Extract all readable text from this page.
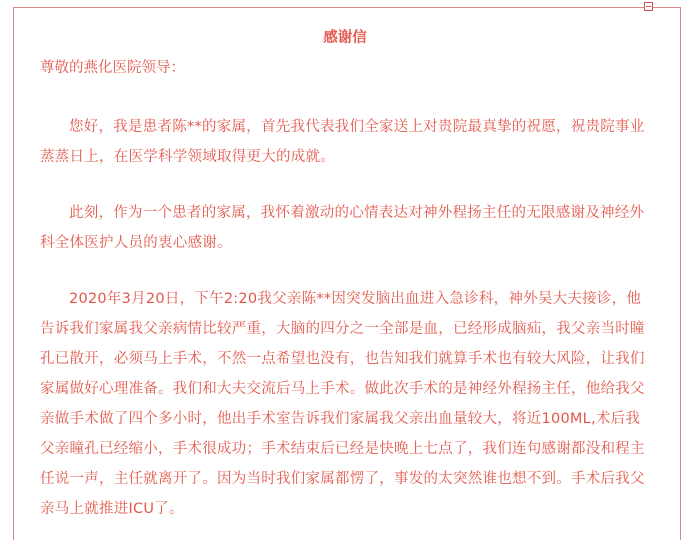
感谢信

尊敬的燕化医院领导：

您好，我是患者陈**的家属，首先我代表我们全家送上对贵院最真挚的祝愿，祝贵院事业蒸蒸日上，在医学科学领域取得更大的成就。

此刻，作为一个患者的家属，我怀着激动的心情表达对神外程扬主任的无限感谢及神经外科全体医护人员的衷心感谢。

2020年3月20日，下午2:20我父亲陈**因突发脑出血进入急诊科，神外吴大夫接诊，他告诉我们家属我父亲病情比较严重，大脑的四分之一全部是血，已经形成脑疝，我父亲当时瞳孔已散开，必须马上手术，不然一点希望也没有，也告知我们就算手术也有较大风险，让我们家属做好心理准备。我们和大夫交流后马上手术。做此次手术的是神经外程扬主任，他给我父亲做手术做了四个多小时，他出手术室告诉我们家属我父亲出血量较大，将近100ML,术后我父亲瞳孔已经缩小，手术很成功；手术结束后已经是快晚上七点了，我们连句感谢都没和程主任说一声，主任就离开了。因为当时我们家属都愣了，事发的太突然谁也想不到。手术后我父亲马上就推进ICU了。
